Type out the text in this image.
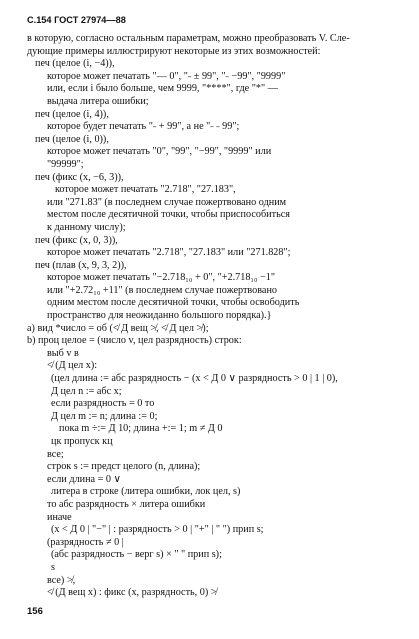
С.154 ГОСТ 27974—88
в которую, согласно остальным параметрам, можно преобразовать V. Сле-
дующие примеры иллюстрируют некоторые из этих возможностей:
печ (целое (i, −4)),
которое может печатать "˗˗˗ 0", "˗ ± 99", "˗ −99", "9999"
или, если i было больше, чем 9999, "****", где "*" —
выдача литера ошибки;
печ (целое (i, 4)),
которое будет печатать "˗ + 99", а не "˗ ˗ 99";
печ (целое (i, 0)),
которое может печатать "0", "99", "−99", "9999" или
"99999";
печ (фикс (x, −6, 3)),
которое может печатать "2.718", "27.183",
или "271.83" (в последнем случае пожертвовано одним
местом после десятичной точки, чтобы приспособиться
к данному числу);
печ (фикс (x, 0, 3)),
которое может печатать "2.718", "27.183" или "271.828";
печ (плав (x, 9, 3, 2)),
которое может печатать "−2.718₁₀ + 0", "+2.718₁₀ −1"
или "+2.72₁₀ +11" (в последнем случае пожертвовано
одним местом после десятичной точки, чтобы освободить
пространство для неожиданно большого порядка).}
a) вид *число = об (≮ Д вещ ≯, ≮ Д цел ≯);
b) проц целое = (число v, цел разрядность) строк:
выб v в
≮ (Д цел x):
(цел длина := абс разрядность − (x < Д 0 ∨ разрядность > 0 | 1 | 0),
Д цел n := абс x;
если разрядность = 0 то
Д цел m := n; длина := 0;
пока m ÷:= Д 10; длина +:= 1; m ≠ Д 0
цк пропуск кц
все;
строк s := предст целого (n, длина);
если длина = 0 ∨
литера в строке (литера ошибки, лок цел, s)
то абс разрядность × литера ошибки
иначе
(x < Д 0 | "−" | : разрядность > 0 | "+" | " ") прип s;
(разрядность ≠ 0 |
(абс разрядность − верг s) × " " прип s);
s
все) ≯,
≮ (Д вещ x) : фикс (x, разрядность, 0) ≯
156
